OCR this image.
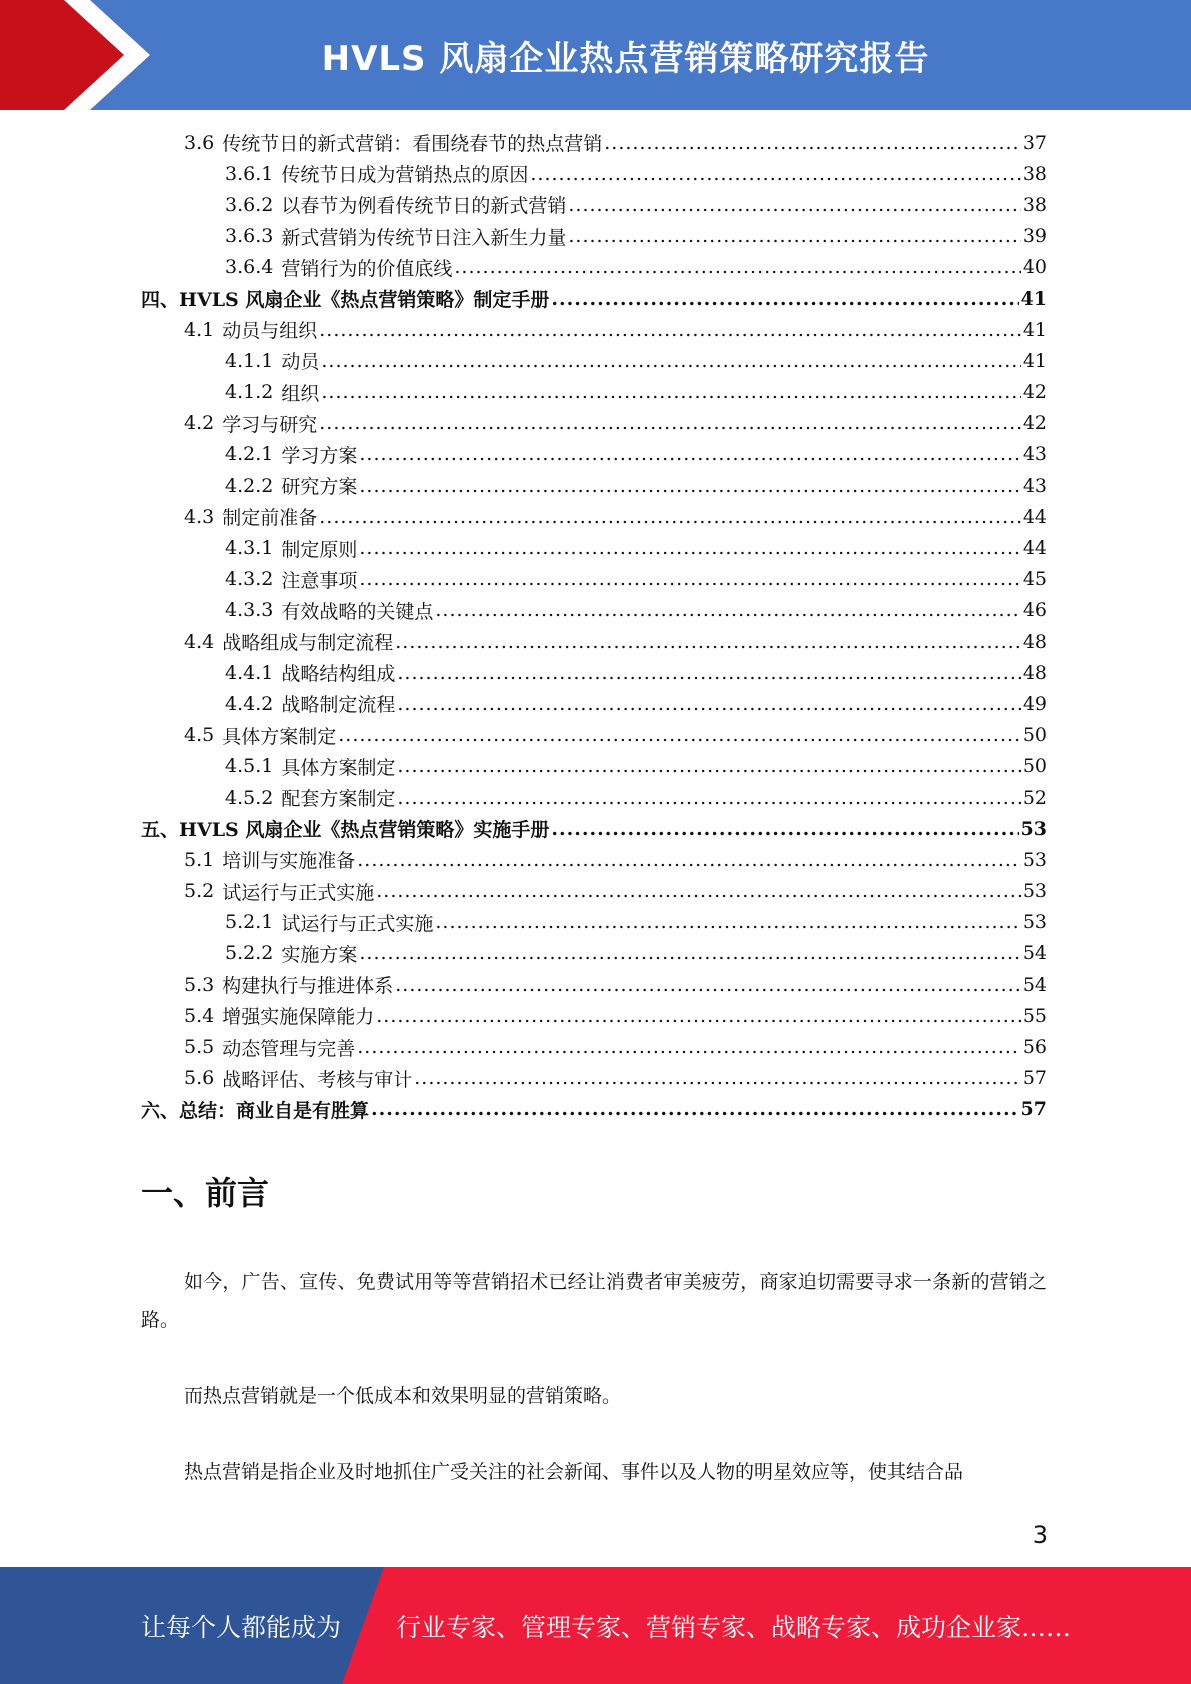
HVLS 风扇企业热点营销策略研究报告
3.6 传统节日的新式营销：看围绕春节的热点营销 .....	37
3.6.1 传统节日成为营销热点的原因 .....	38
3.6.2 以春节为例看传统节日的新式营销 .....	38
3.6.3 新式营销为传统节日注入新生力量 .....	39
3.6.4 营销行为的价值底线 .....	40
四、HVLS 风扇企业《热点营销策略》制定手册 .....	41
4.1 动员与组织 .....	41
4.1.1 动员 .....	41
4.1.2 组织 .....	42
4.2 学习与研究 .....	42
4.2.1 学习方案 .....	43
4.2.2 研究方案 .....	43
4.3 制定前准备 .....	44
4.3.1 制定原则 .....	44
4.3.2 注意事项 .....	45
4.3.3 有效战略的关键点 .....	46
4.4 战略组成与制定流程 .....	48
4.4.1 战略结构组成 .....	48
4.4.2 战略制定流程 .....	49
4.5 具体方案制定 .....	50
4.5.1 具体方案制定 .....	50
4.5.2 配套方案制定 .....	52
五、HVLS 风扇企业《热点营销策略》实施手册 .....	53
5.1 培训与实施准备 .....	53
5.2 试运行与正式实施 .....	53
5.2.1 试运行与正式实施 .....	53
5.2.2 实施方案 .....	54
5.3 构建执行与推进体系 .....	54
5.4 增强实施保障能力 .....	55
5.5 动态管理与完善 .....	56
5.6 战略评估、考核与审计 .....	57
六、总结：商业自是有胜算 .....	57
一、前言

如今，广告、宣传、免费试用等等营销招术已经让消费者审美疲劳，商家迫切需要寻求一条新的营销之路。

而热点营销就是一个低成本和效果明显的营销策略。

热点营销是指企业及时地抓住广受关注的社会新闻、事件以及人物的明星效应等，使其结合品

3
让每个人都能成为 行业专家、管理专家、营销专家、战略专家、成功企业家……
